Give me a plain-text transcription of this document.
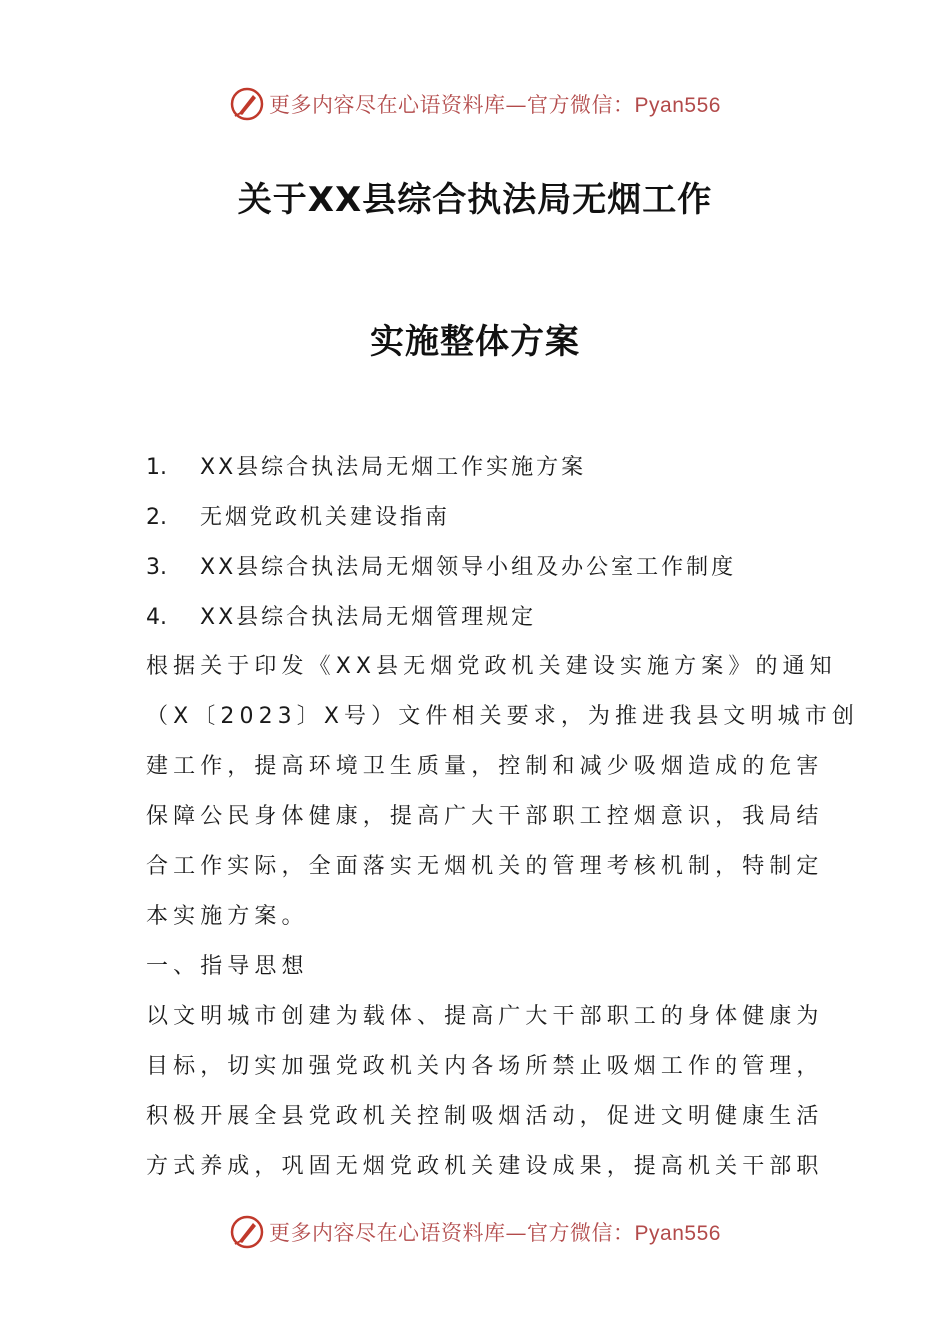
更多内容尽在心语资料库—官方微信：Pyan556
关于XX县综合执法局无烟工作
实施整体方案
1.	XX县综合执法局无烟工作实施方案
2.	无烟党政机关建设指南
3.	XX县综合执法局无烟领导小组及办公室工作制度
4.	XX县综合执法局无烟管理规定

根据关于印发《XX县无烟党政机关建设实施方案》的通知
（X〔2023〕X号）文件相关要求，为推进我县文明城市创
建工作，提高环境卫生质量，控制和减少吸烟造成的危害
保障公民身体健康，提高广大干部职工控烟意识，我局结
合工作实际，全面落实无烟机关的管理考核机制，特制定
本实施方案。

一、指导思想

以文明城市创建为载体、提高广大干部职工的身体健康为
目标，切实加强党政机关内各场所禁止吸烟工作的管理，
积极开展全县党政机关控制吸烟活动，促进文明健康生活
方式养成，巩固无烟党政机关建设成果，提高机关干部职

更多内容尽在心语资料库—官方微信：Pyan556
